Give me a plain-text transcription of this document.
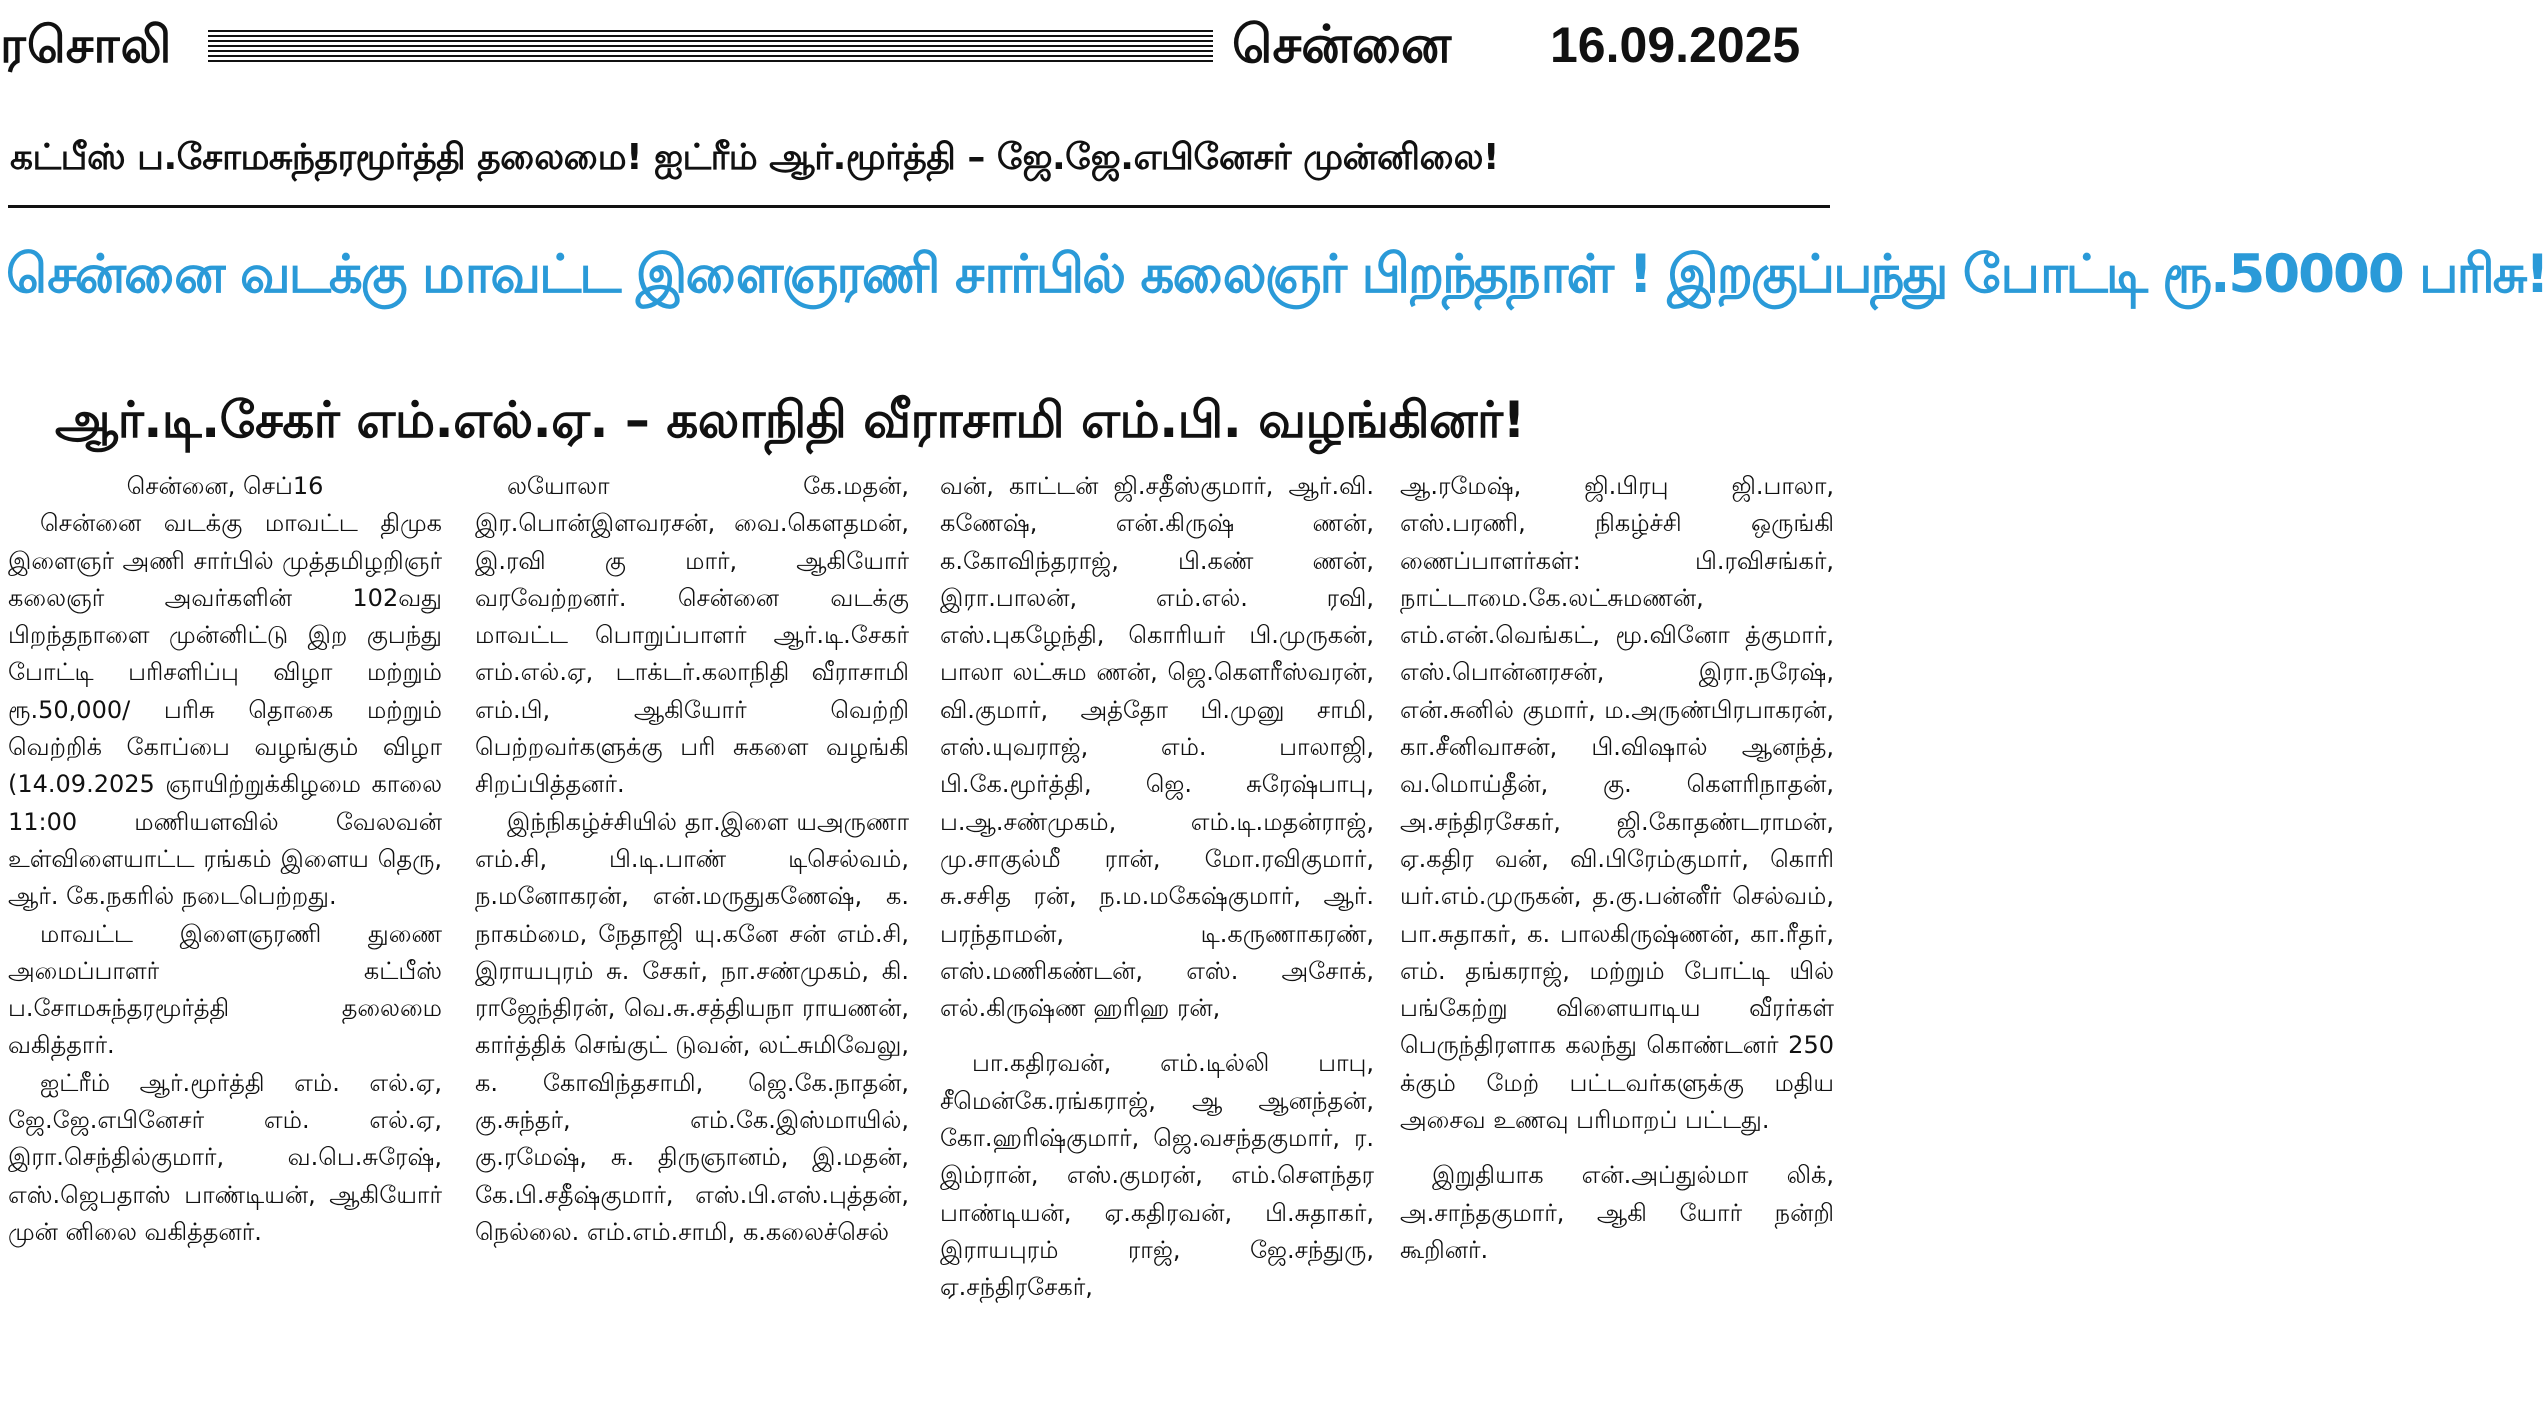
ரசொலி	சென்னை 16.09.2025
கட்பீஸ் ப.சோமசுந்தரமூர்த்தி தலைமை! ஐட்ரீம் ஆர்.மூர்த்தி – ஜே.ஜே.எபினேசர் முன்னிலை!
சென்னை வடக்கு மாவட்ட இளைஞரணி சார்பில் கலைஞர் பிறந்தநாள் ! இறகுப்பந்து போட்டி ரூ.50000 பரிசு!
ஆர்.டி.சேகர் எம்.எல்.ஏ. – கலாநிதி வீராசாமி எம்.பி. வழங்கினர்!

சென்னை, செப்16

சென்னை வடக்கு மாவட்ட திமுக இளைஞர் அணி சார்பில் முத்தமிழறிஞர் கலைஞர் அவர்களின் 102வது பிறந்தநாளை முன்னிட்டு இற குபந்து போட்டி பரிசளிப்பு விழா மற்றும் ரூ.50,000/ பரிசு தொகை மற்றும் வெற்றிக் கோப்பை வழங்கும் விழா (14.09.2025 ஞாயிற்றுக்கிழமை காலை 11:00 மணியளவில் வேலவன் உள்விளையாட்ட ரங்கம் இளைய தெரு, ஆர். கே.நகரில் நடைபெற்றது.

மாவட்ட இளைஞரணி துணை அமைப்பாளர் கட்பீஸ் ப.சோமசுந்தரமூர்த்தி தலைமை வகித்தார்.

ஐட்ரீம் ஆர்.மூர்த்தி எம். எல்.ஏ, ஜே.ஜே.எபினேசர் எம். எல்.ஏ, இரா.செந்தில்குமார், வ.பெ.சுரேஷ், எஸ்.ஜெபதாஸ் பாண்டியன், ஆகியோர் முன் னிலை வகித்தனர்.

லயோலா கே.மதன், இர.பொன்இளவரசன், வை.கௌதமன், இ.ரவி கு மார், ஆகியோர் வரவேற்றனர். சென்னை வடக்கு மாவட்ட பொறுப்பாளர் ஆர்.டி.சேகர் எம்.எல்.ஏ, டாக்டர்.கலாநிதி வீராசாமி எம்.பி, ஆகியோர் வெற்றி பெற்றவர்களுக்கு பரி சுகளை வழங்கி சிறப்பித்தனர்.

இந்நிகழ்ச்சியில் தா.இளை யஅருணா எம்.சி, பி.டி.பாண் டிசெல்வம், ந.மனோகரன், என்.மருதுகணேஷ், க. நாகம்மை, நேதாஜி யு.கனே சன் எம்.சி, இராயபுரம் சு. சேகர், நா.சண்முகம், கி. ராஜேந்திரன், வெ.சு.சத்தியநா ராயணன், கார்த்திக் செங்குட் டுவன், லட்சுமிவேலு, க. கோவிந்தசாமி, ஜெ.கே.நாதன், கு.சுந்தர், எம்.கே.இஸ்மாயில், கு.ரமேஷ், சு. திருஞானம், இ.மதன், கே.பி.சதீஷ்குமார், எஸ்.பி.எஸ்.புத்தன், நெல்லை. எம்.எம்.சாமி, க.கலைச்செல்

வன், காட்டன் ஜி.சதீஸ்குமார், ஆர்.வி. கணேஷ், என்.கிருஷ் ணன், க.கோவிந்தராஜ், பி.கண் ணன், இரா.பாலன், எம்.எல். ரவி, எஸ்.புகழேந்தி, கொரியர் பி.முருகன், பாலா லட்சும ணன், ஜெ.கௌரீஸ்வரன், வி.குமார், அத்தோ பி.முனு சாமி, எஸ்.யுவராஜ், எம். பாலாஜி, பி.கே.மூர்த்தி, ஜெ. சுரேஷ்பாபு, ப.ஆ.சண்முகம், எம்.டி.மதன்ராஜ், மு.சாகுல்மீ ரான், மோ.ரவிகுமார், சு.சசித ரன், ந.ம.மகேஷ்குமார், ஆர். பரந்தாமன், டி.கருணாகரண், எஸ்.மணிகண்டன், எஸ். அசோக், எல்.கிருஷ்ண ஹரிஹ ரன்,

பா.கதிரவன், எம்.டில்லி பாபு, சீமென்கே.ரங்கராஜ், ஆ ஆனந்தன், கோ.ஹரிஷ்குமார், ஜெ.வசந்தகுமார், ர. இம்ரான், எஸ்.குமரன், எம்.சௌந்தர பாண்டியன், ஏ.கதிரவன், பி.சுதாகர், இராயபுரம் ராஜ், ஜே.சந்துரு, ஏ.சந்திரசேகர்,

ஆ.ரமேஷ், ஜி.பிரபு ஜி.பாலா, எஸ்.பரணி, நிகழ்ச்சி ஒருங்கி ணைப்பாளர்கள்: பி.ரவிசங்கர், நாட்டாமை.கே.லட்சுமணன், எம்.என்.வெங்கட், மூ.வினோ த்குமார், எஸ்.பொன்னரசன், இரா.நரேஷ், என்.சுனில் குமார், ம.அருண்பிரபாகரன், கா.சீனிவாசன், பி.விஷால் ஆனந்த், வ.மொய்தீன், கு. கௌரிநாதன், அ.சந்திரசேகர், ஜி.கோதண்டராமன், ஏ.கதிர வன், வி.பிரேம்குமார், கொரி யர்.எம்.முருகன், த.கு.பன்னீர் செல்வம், பா.சுதாகர், க. பாலகிருஷ்ணன், கா.ரீதர், எம். தங்கராஜ், மற்றும் போட்டி யில் பங்கேற்று விளையாடிய வீரர்கள் பெருந்திரளாக கலந்து கொண்டனர் 250 க்கும் மேற் பட்டவர்களுக்கு மதிய அசைவ உணவு பரிமாறப் பட்டது.

இறுதியாக என்.அப்துல்மா லிக், அ.சாந்தகுமார், ஆகி யோர் நன்றி கூறினர்.
